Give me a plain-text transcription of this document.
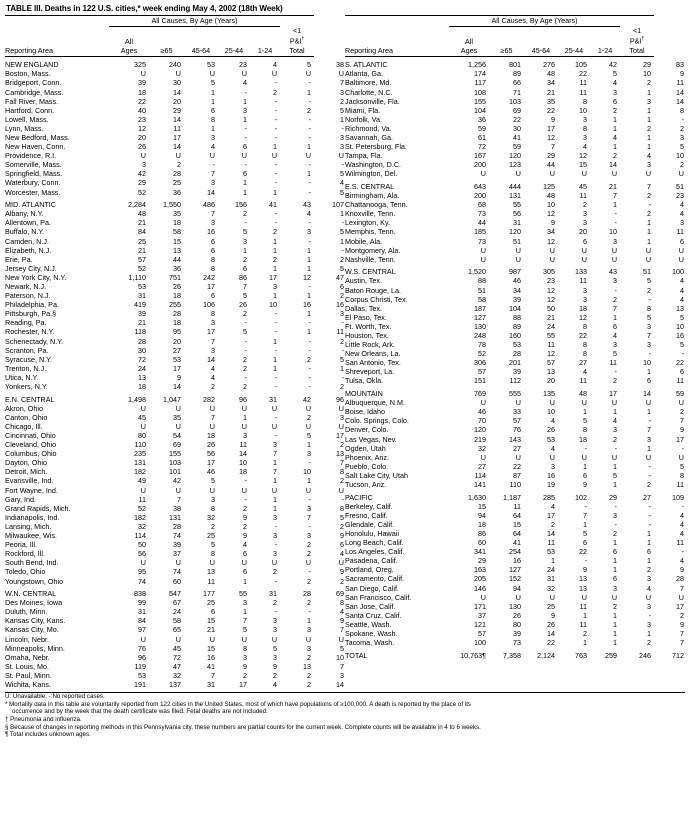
TABLE III. Deaths in 122 U.S. cities,* week ending May 4, 2002 (18th Week)
	All Causes, By Age (Years)	
Reporting Area	All
Ages	≥65	45-64	25-44	1-24	<1
P&I†
Total
NEW ENGLAND	325	240	53	23	4	5	38
Boston, Mass.	U	U	U	U	U	U	U
Bridgeport, Conn.	39	30	5	4	-	-	7
Cambridge, Mass.	18	14	1	-	2	1	3
Fall River, Mass.	22	20	1	1	-	-	2
Hartford, Conn.	40	29	6	3	-	2	5
Lowell, Mass.	23	14	8	1	-	-	1
Lynn, Mass.	12	11	1	-	-	-	-
New Bedford, Mass.	20	17	3	-	-	-	3
New Haven, Conn.	26	14	4	6	1	1	3
Providence, R.I.	U	U	U	U	U	U	U
Somerville, Mass.	3	2	-	-	-	-	-
Springfield, Mass.	42	28	7	6	-	1	5
Waterbury, Conn.	29	25	3	1	-	-	4
Worcester, Mass.	52	36	14	1	1	-	5
MID. ATLANTIC	2,284	1,550	486	156	41	43	107
Albany, N.Y.	48	35	7	2	-	4	1
Allentown, Pa.	21	18	3	-	-	-	-
Buffalo, N.Y.	84	58	16	5	2	3	5
Camden, N.J.	25	15	6	3	1	-	1
Elizabeth, N.J.	21	13	6	1	1	1	-
Erie, Pa.	57	44	8	2	2	1	2
Jersey City, N.J.	52	36	8	6	1	1	5
New York City, N.Y.	1,110	751	242	86	17	12	47
Newark, N.J.	53	26	17	7	3	-	6
Paterson, N.J.	31	18	6	5	1	1	2
Philadelphia, Pa.	419	255	106	26	10	16	16
Pittsburgh, Pa.§	39	28	8	2	-	1	3
Reading, Pa.	21	18	3	-	-	-	-
Rochester, N.Y.	118	95	17	5	-	1	11
Schenectady, N.Y.	28	20	7	-	1	-	2
Scranton, Pa.	30	27	3	-	-	-	-
Syracuse, N.Y.	72	53	14	2	1	2	5
Trenton, N.J.	24	17	4	2	1	-	1
Utica, N.Y.	13	9	4	-	-	-	-
Yonkers, N.Y.	18	14	2	2	-	-	2
E.N. CENTRAL	1,498	1,047	282	96	31	42	96
Akron, Ohio	U	U	U	U	U	U	U
Canton, Ohio	45	35	7	1	-	2	3
Chicago, Ill.	U	U	U	U	U	U	U
Cincinnati, Ohio	80	54	18	3	-	5	17
Cleveland, Ohio	110	69	26	11	3	1	2
Columbus, Ohio	235	155	56	14	7	3	13
Dayton, Ohio	131	103	17	10	1	-	7
Detroit, Mich.	182	101	46	18	7	10	8
Evansville, Ind.	49	42	5	-	1	1	2
Fort Wayne, Ind.	U	U	U	U	U	U	U
Gary, Ind.	11	7	3	-	1	-	-
Grand Rapids, Mich.	52	38	8	2	1	3	8
Indianapolis, Ind.	182	131	32	9	3	7	5
Lansing, Mich.	32	28	2	2	-	-	2
Milwaukee, Wis.	114	74	25	9	3	3	9
Peoria, Ill.	50	39	5	4	-	2	6
Rockford, Ill.	56	37	8	6	3	2	4
South Bend, Ind.	U	U	U	U	U	U	U
Toledo, Ohio	95	74	13	6	2	-	9
Youngstown, Ohio	74	60	11	1	-	2	2
W.N. CENTRAL	838	547	177	55	31	28	69
Des Moines, Iowa	99	67	25	3	2	2	8
Duluth, Minn.	31	24	6	1	-	-	4
Kansas City, Kans.	84	58	15	7	3	1	9
Kansas City, Mo.	97	65	21	5	3	3	7
Lincoln, Nebr.	U	U	U	U	U	U	U
Minneapolis, Minn.	76	45	15	8	5	3	5
Omaha, Nebr.	96	72	16	3	3	2	10
St. Louis, Mo.	119	47	41	9	9	13	7
St. Paul, Minn.	53	32	7	2	2	2	3
Wichita, Kans.	191	137	31	17	4	2	14

	All Causes, By Age (Years)	
Reporting Area	All
Ages	≥65	45-64	25-44	1-24	<1
P&I†
Total
S. ATLANTIC	1,256	801	276	105	42	29	83
Atlanta, Ga.	174	89	48	22	5	10	9
Baltimore, Md.	117	66	34	11	4	2	11
Charlotte, N.C.	108	71	21	11	3	1	14
Jacksonville, Fla.	155	103	35	8	6	3	14
Miami, Fla.	104	69	22	10	2	1	8
Norfolk, Va.	36	22	9	3	1	1	-
Richmond, Va.	59	30	17	8	1	2	2
Savannah, Ga.	61	41	12	3	4	1	3
St. Petersburg, Fla.	72	59	7	4	1	1	5
Tampa, Fla.	167	120	29	12	2	4	10
Washington, D.C.	200	123	44	15	14	3	2
Wilmington, Del.	U	U	U	U	U	U	U
E.S. CENTRAL	643	444	125	45	21	7	51
Birmingham, Ala.	200	131	48	11	7	2	23
Chattanooga, Tenn.	68	55	10	2	1	-	4
Knoxville, Tenn.	73	56	12	3	-	2	4
Lexington, Ky.	44	31	9	3	-	1	3
Memphis, Tenn.	185	120	34	20	10	1	11
Mobile, Ala.	73	51	12	6	3	1	6
Montgomery, Ala.	U	U	U	U	U	U	U
Nashville, Tenn.	U	U	U	U	U	U	U
W.S. CENTRAL	1,520	987	305	133	43	51	100
Austin, Tex.	88	46	23	11	3	5	4
Baton Rouge, La.	51	34	12	3	-	2	4
Corpus Christi, Tex.	58	39	12	3	2	-	4
Dallas, Tex.	187	104	50	18	7	8	13
El Paso, Tex.	127	88	21	12	1	5	5
Ft. Worth, Tex.	130	89	24	8	6	3	10
Houston, Tex.	248	160	55	22	4	7	16
Little Rock, Ark.	78	53	11	8	3	3	5
New Orleans, La.	52	28	12	8	5	-	-
San Antonio, Tex.	306	201	57	27	11	10	22
Shreveport, La.	57	39	13	4	-	1	6
Tulsa, Okla.	151	112	20	11	2	6	11
MOUNTAIN	769	555	135	48	17	14	59
Albuquerque, N.M.	U	U	U	U	U	U	U
Boise, Idaho	46	33	10	1	1	1	2
Colo. Springs, Colo.	70	57	4	5	4	-	7
Denver, Colo.	120	76	26	8	3	7	9
Las Vegas, Nev.	219	143	53	18	2	3	17
Ogden, Utah	32	27	4	-	-	1	-
Phoenix, Ariz.	U	U	U	U	U	U	U
Pueblo, Colo.	27	22	3	1	1	-	5
Salt Lake City, Utah	114	87	16	6	5	-	8
Tucson, Ariz.	141	110	19	9	1	2	11
PACIFIC	1,630	1,187	285	102	29	27	109
Berkeley, Calif.	15	11	4	-	-	-	-
Fresno, Calif.	94	64	17	7	3	-	4
Glendale, Calif.	18	15	2	1	-	-	4
Honolulu, Hawaii	86	64	14	5	2	1	4
Long Beach, Calif.	60	41	11	6	1	1	11
Los Angeles, Calif.	341	254	53	22	6	6	-
Pasadena, Calif.	29	16	1	-	1	1	4
Portland, Oreg.	163	127	24	9	1	2	9
Sacramento, Calif.	205	152	31	13	6	3	28
San Diego, Calif.	146	94	32	13	3	4	7
San Francisco, Calif.	U	U	U	U	U	U	U
San Jose, Calif.	171	130	25	11	2	3	17
Santa Cruz, Calif.	37	26	9	1	1	-	2
Seattle, Wash.	121	80	26	11	1	3	9
Spokane, Wash.	57	39	14	2	1	1	7
Tacoma, Wash.	100	73	22	1	1	2	7
TOTAL	10,763¶	7,358	2,124	763	259	246	712
U: Unavailable. -:No reported cases.
* Mortality data in this table are voluntarily reported from 122 cities in the United States, most of which have populations of ≥100,000. A death is reported by the place of its
occurrence and by the week that the death certificate was filed. Fetal deaths are not included.
† Pneumonia and influenza.
§ Because of changes in reporting methods in this Pennsylvania city, these numbers are partial counts for the current week. Complete counts will be available in 4 to 6 weeks.
¶ Total includes unknown ages.
